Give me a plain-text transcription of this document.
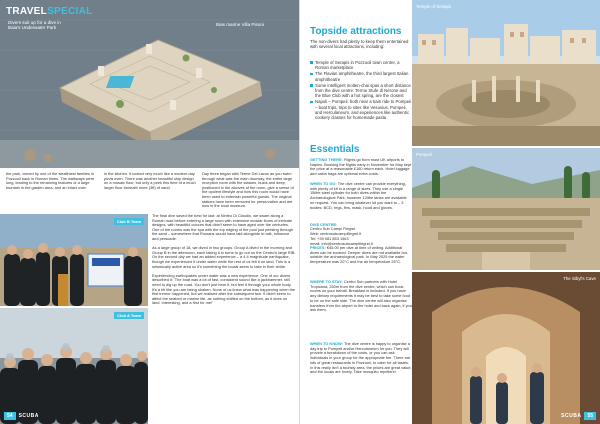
TRAVELSPECIAL
Divers suit up for a dive in Baia's Underwater Park
Bias marine Villa Pisoni
the park, owned by one of the wealthiest families in Pozzuoli back in Roman times. The walkways were long, leading to the remaining features of a large fountain in the garden area, and an intact oven
in the kitchen. It looked very much like a modern-day pizza oven. There was another beautiful ship design on a mosaic floor, but only a peek this time of a much larger floor beneath more (3ft) of sand.
Day three began with Terme Del Lacus as you swim through what was the main doorway, the entire large reception room with the statues, busts and deep, positioned in the alcoves of the room, give a sense of the opulent lifestyle and how this room would have been used to entertain powerful guests. The original statues have been removed for preservation and are now in the local museum.
Club B Team
Club A Team
54	SCUBA
The final dive saved the best for last: at Ninfeo Di Claudio, we swam along a Roman road before entering a large room with extensive mosaic floors of intricate designs, with beautiful colours that didn't seem to have aged over the centuries. One of the rooms was the spa with the top edging of the pool just peeking through the sand – somewhere that Romans would have laid alongside to talk, influence and persuade.

As a large group of 18, we dived in two groups. Group A dived in the morning and Group B in the afternoon, each taking it in turns to go out on the Centro's large RIB. On the second day we had an added experience – a 4.4 magnitude earthquake, though we experienced it under water while the rest of us felt it on land. This is a seismically active area so it's something the locals seem to take in their stride.

Experiencing earthquakes under water was a new experience. One of our divers described it: 'The boat was a lot of fast, consistent sound like a jackhammer, still need to dig up the road. You don't just hear it, but feel it through your whole body. It's a bit like you are being shaken. None of us knew what was happening when the first tremor happened, but we realised after the subsequent two. It didn't seem to affect the seabed or marine life, as nothing shifted on the bottom, as it does on land. Interesting, and a first for me!'
Topside attractions
The non-divers had plenty to keep them entertained with several local attractions, including:
Temple of Serapis in Pozzuoli town centre, a Roman marketplace
The Flavian amphitheatre, the third largest Italian amphitheatre
Some intelligent molten-chai spas a short distance from the dive centre: Terme Stufe di Nerone and the Blue Club with a hot spring, are the closest
Napoli – Pompeii: both near a train ride to Pompeii – boat trips, trips to sites like Vesuvius, Pompeii, and Herculaneum, and experiences like authentic cookery classes for homemade pasta
Essentials
GETTING THERE: Flights go from most UK airports to Naples. Booking the flights early in November for May kept the price at a reasonable £160 return each. Hotel luggage and cabin bags are optional extra costs.
WHEN TO GO: The dive centre can provide everything, with plenty of kit in a range of sizes. They use a single 15litre steel cylinder for both dives within the Archaeological Park, however 12litre tanks are available on request. You can bring whatever kit you want to – 3 bodies: BCD, regs, fins, mask, hood and gloves.

DIVE CENTRE:
Centro Sub Campi Flegrei
Web: centrosubcampiflegrei.it
Tel: +39 081 853 1563
email: info@centrosubcampiflegrei.it

PRICES: €45.00 per dive at time of writing. Additional dives can be booked. Deeper dives are not available but, outside the archaeological park. In May 2025 the water temperature was 20°C and the air temperature 25°C.
WHERE TO STAY: Centro Sub partners with Hotel Tropicana, 250m from the dive centre, which can book rooms on your behalf. Breakfast is included. If you have any dietary requirements it may be best to take some food to be on the safe side. The dive centre will also organise transfers from the airport to the hotel and back again, if you ask them.
WHEN TO KNOW: The dive centre is happy to organise a day trip to Pompeii and/or Herculaneum for you. They will provide a breakdown of the costs, or you can ask individuals in your group for the appropriate fee. There are lots of great restaurants in Pozzuoli, to cater for all tastes. In this really isn't a touristy area, the prices are great value, and the locals are lovely. Take mosquito repellent!
Temple of Serapis
Pompeii
The Sibyl's Cave
SCUBA	55
